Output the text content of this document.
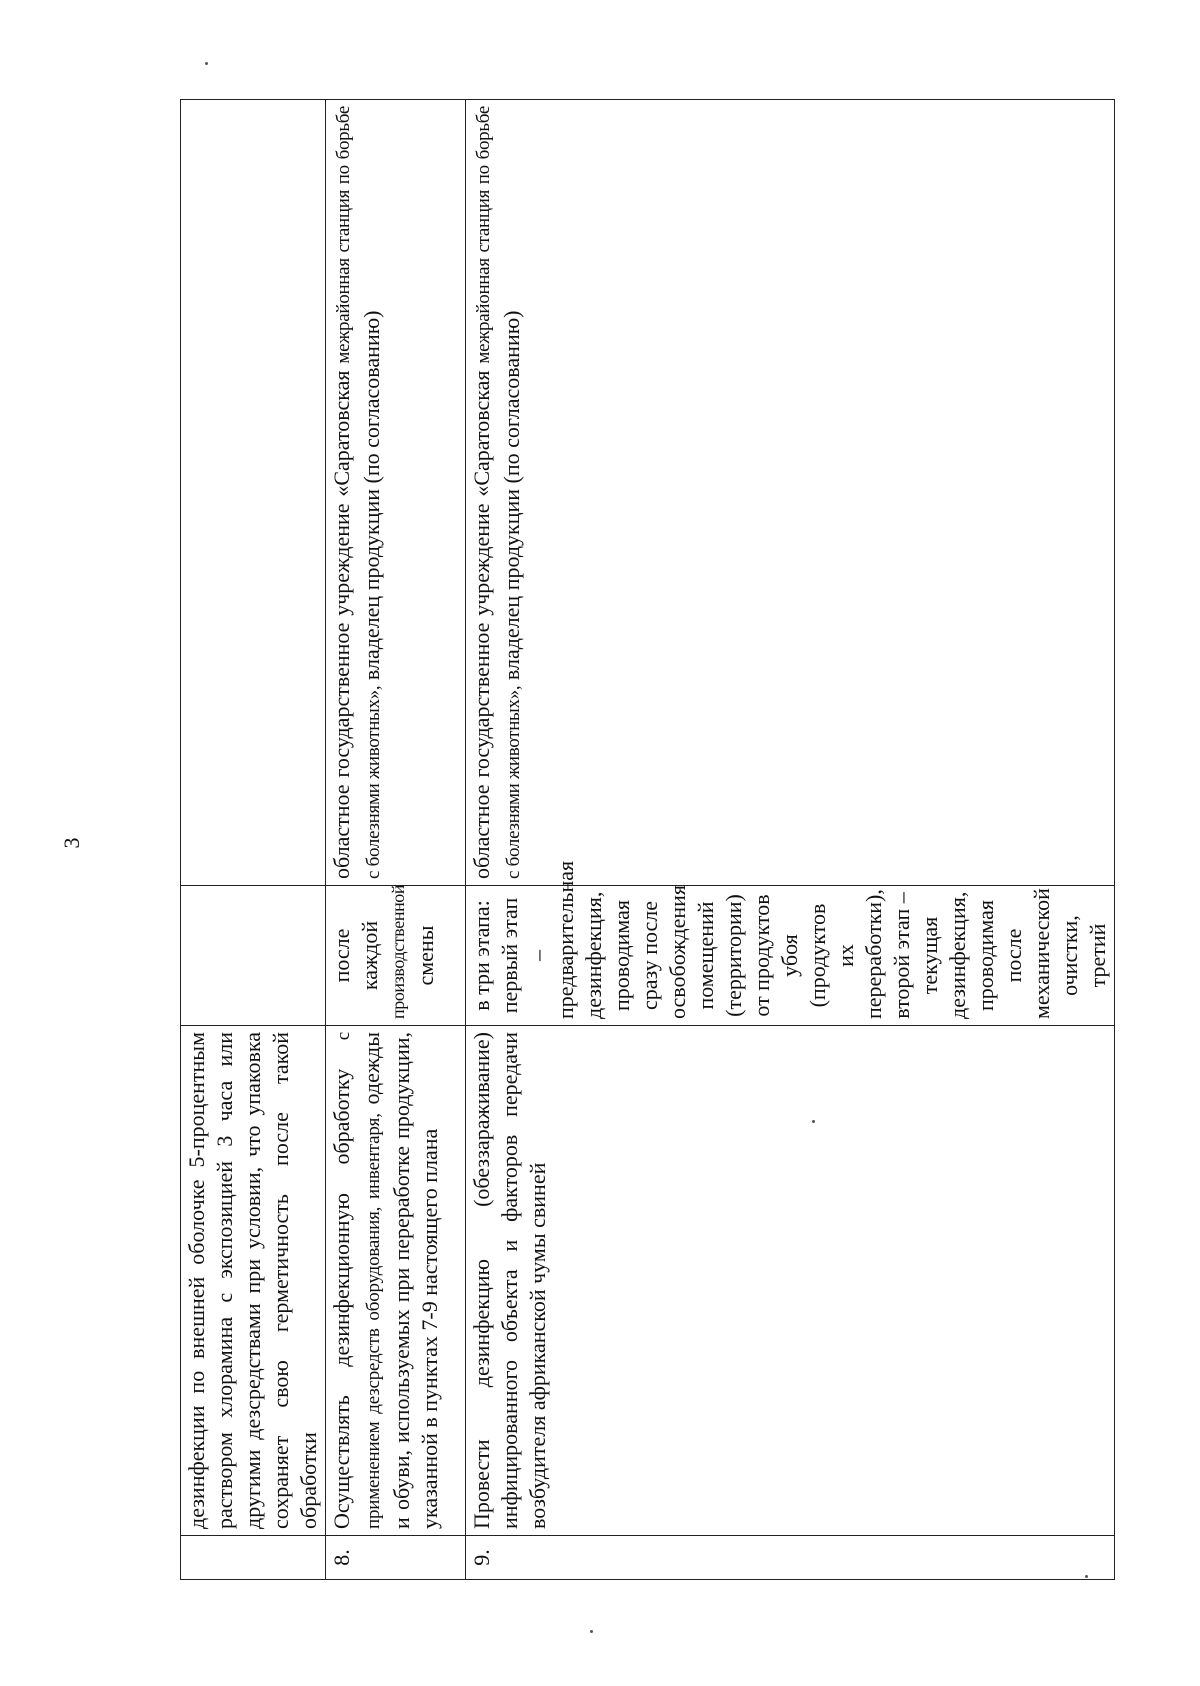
3
	дезинфекции по внешней оболочке 5-процентным раствором хлорамина с экспозицией 3 часа или другими дезсредствами при условии, что упаковка сохраняет свою герметичность после такой обработки		
8.	Осуществлять дезинфекционную обработку с применением дезсредств оборудования, инвентаря, одежды и обуви, используемых при переработке продукции, указанной в пунктах 7-9 настоящего плана	после каждой производственной смены	областное государственное учреждение «Саратовская межрайонная станция по борьбе с болезнями животных», владелец продукции (по согласованию)
9.	Провести дезинфекцию (обеззараживание) инфицированного объекта и факторов передачи возбудителя африканской чумы свиней	в три этапа: первый этап – предварительная дезинфекция, проводимая сразу после освобождения помещений (территории) от продуктов убоя (продуктов их переработки), второй этап – текущая дезинфекция, проводимая после механической очистки, третий	областное государственное учреждение «Саратовская межрайонная станция по борьбе с болезнями животных», владелец продукции (по согласованию)
